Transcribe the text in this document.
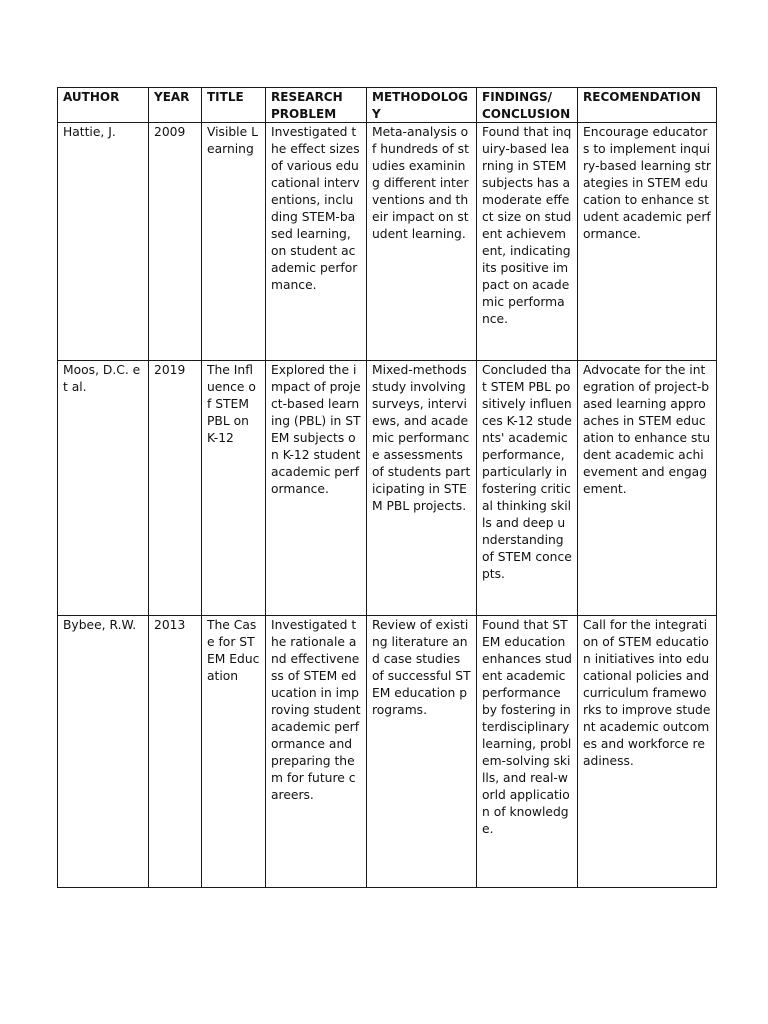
AUTHOR	YEAR	TITLE	RESEARCH PROBLEM	METHODOLOGY	FINDINGS/ CONCLUSION	RECOMENDATION
Hattie, J.	2009	Visible Learning	Investigated the effect sizes of various educational interventions, including STEM-based learning, on student academic performance.	Meta-analysis of hundreds of studies examining different interventions and their impact on student learning.	Found that inquiry-based learning in STEM subjects has a moderate effect size on student achievement, indicating its positive impact on academic performance.	Encourage educators to implement inquiry-based learning strategies in STEM education to enhance student academic performance.
Moos, D.C. et al.	2019	The Influence of STEM PBL on K-12	Explored the impact of project-based learning (PBL) in STEM subjects on K-12 student academic performance.	Mixed-methods study involving surveys, interviews, and academic performance assessments of students participating in STEM PBL projects.	Concluded that STEM PBL positively influences K-12 students' academic performance, particularly in fostering critical thinking skills and deep understanding of STEM concepts.	Advocate for the integration of project-based learning approaches in STEM education to enhance student academic achievement and engagement.
Bybee, R.W.	2013	The Case for STEM Education	Investigated the rationale and effectiveness of STEM education in improving student academic performance and preparing them for future careers.	Review of existing literature and case studies of successful STEM education programs.	Found that STEM education enhances student academic performance by fostering interdisciplinary learning, problem-solving skills, and real-world application of knowledge.	Call for the integration of STEM education initiatives into educational policies and curriculum frameworks to improve student academic outcomes and workforce readiness.
